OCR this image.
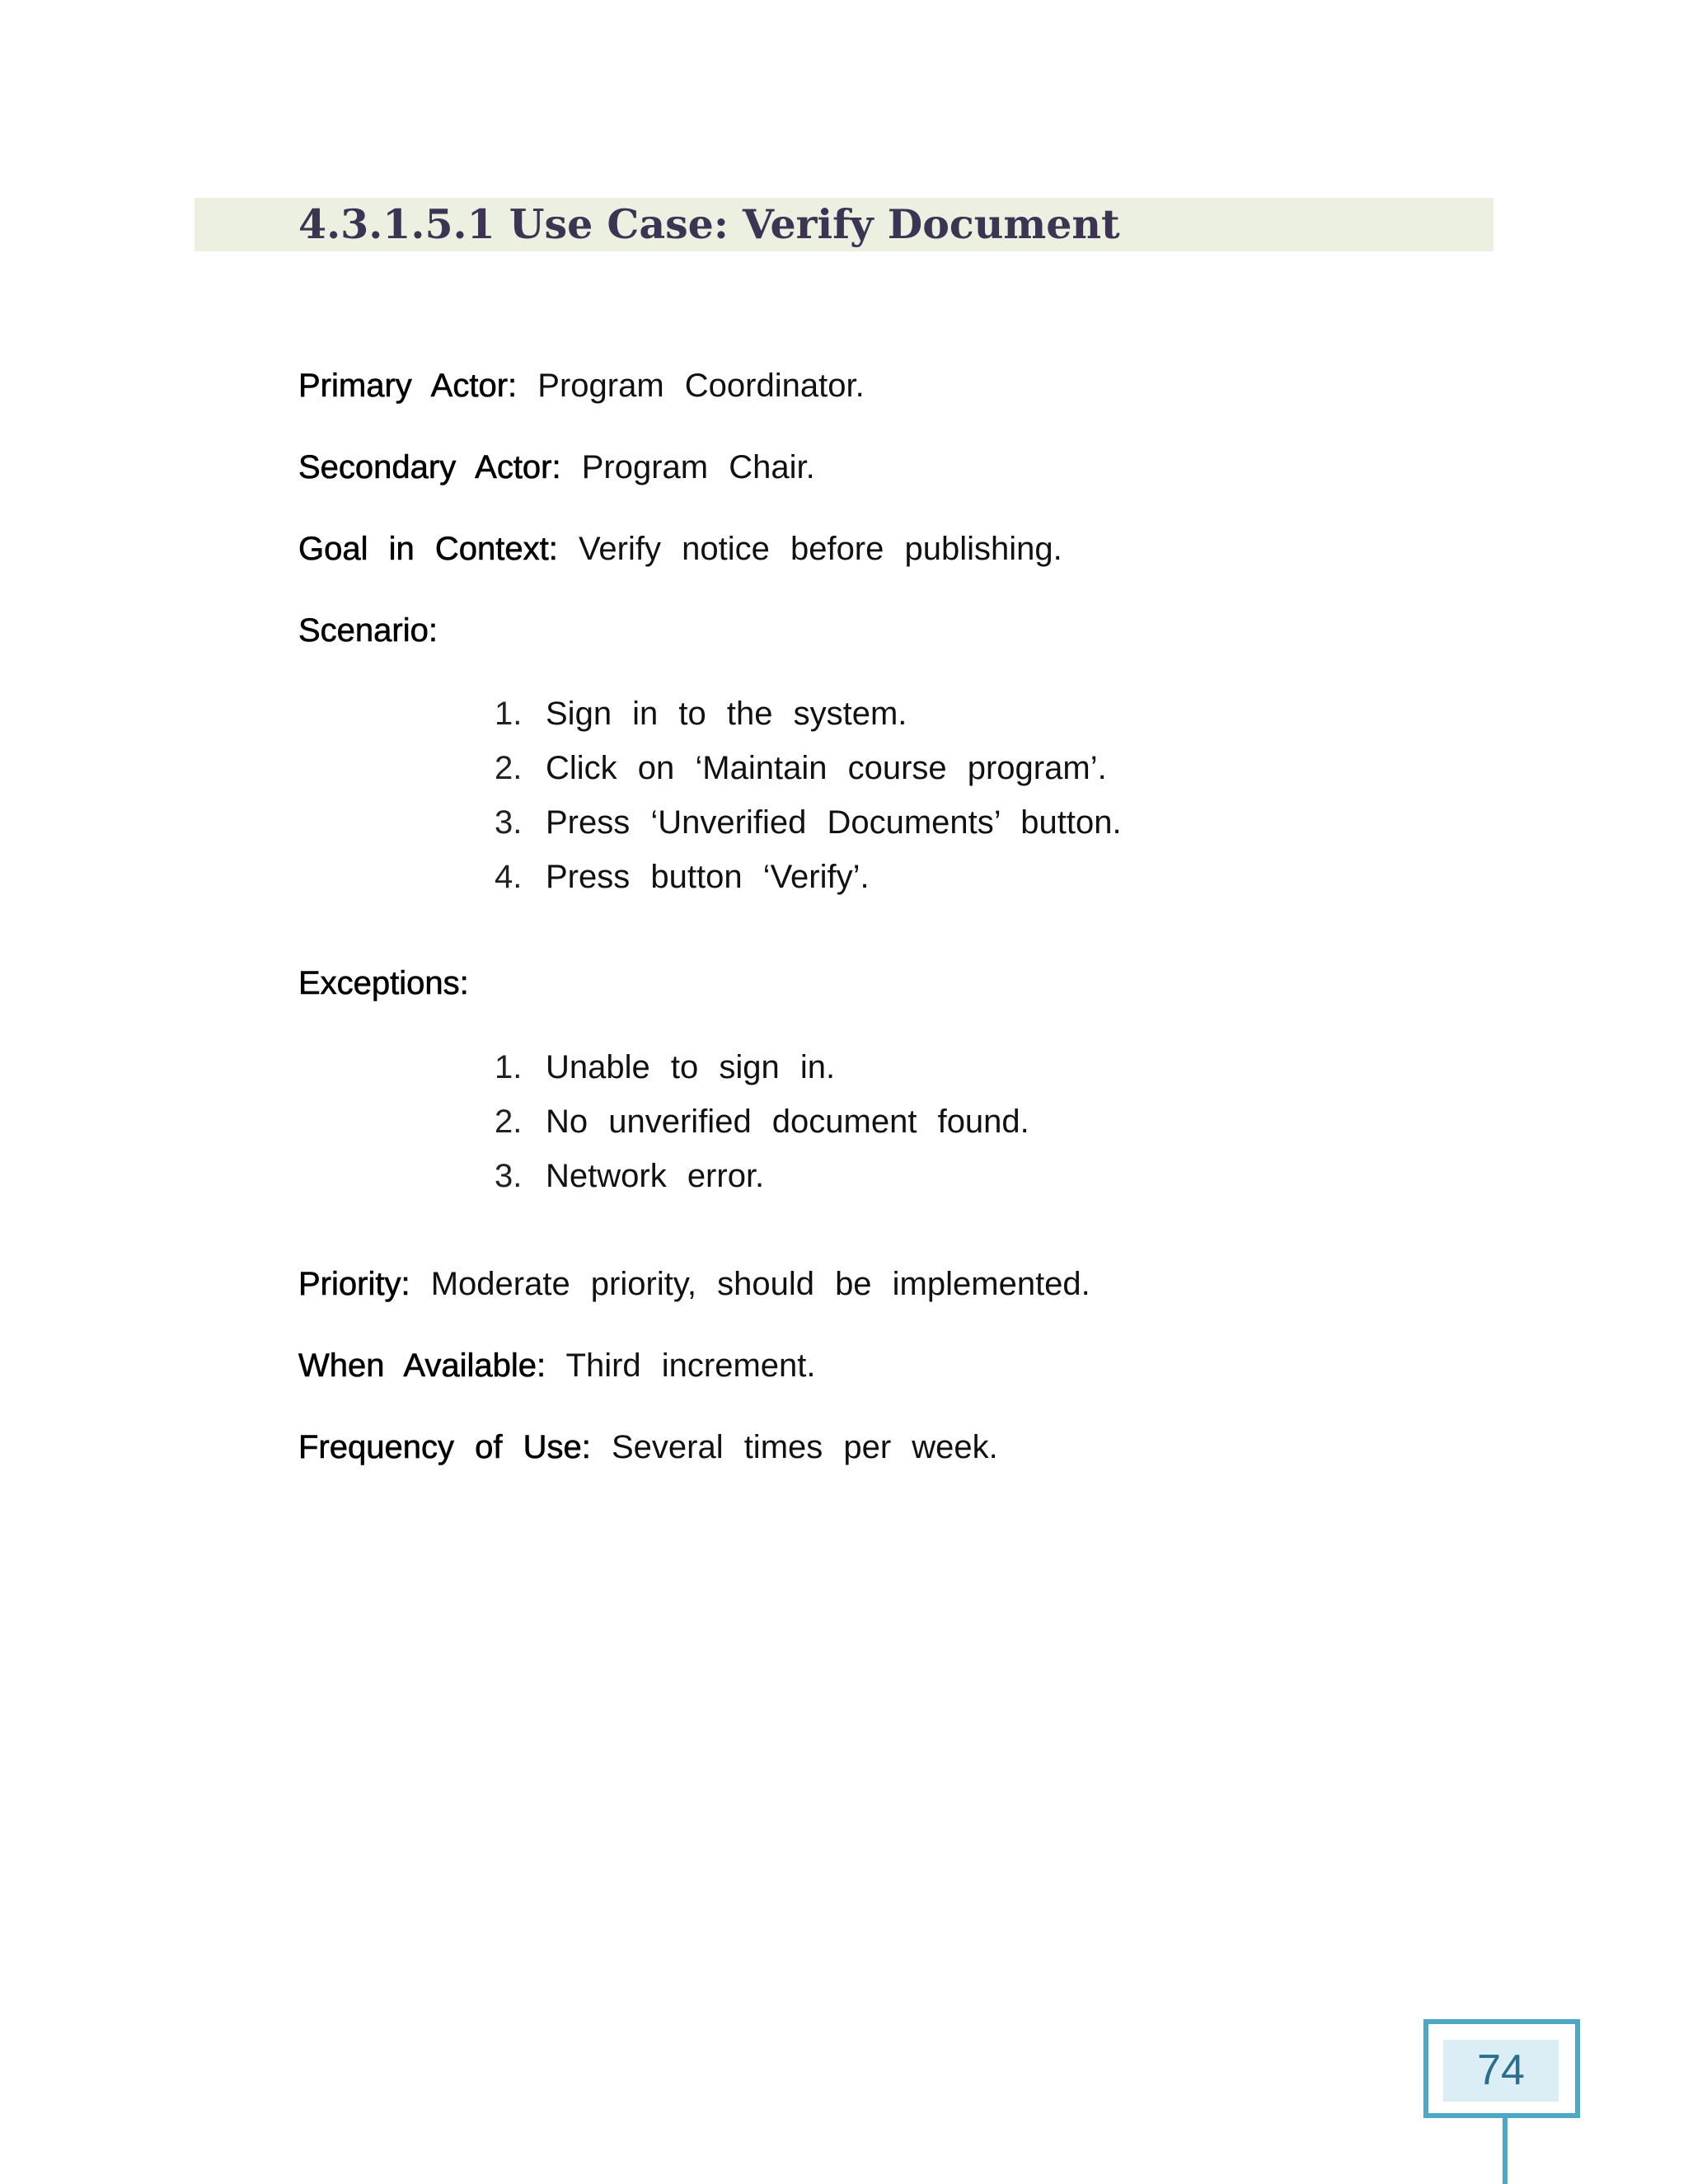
4.3.1.5.1 Use Case: Verify Document
Primary Actor: Program Coordinator.
Secondary Actor: Program Chair.
Goal in Context: Verify notice before publishing.
Scenario:
1. Sign in to the system.
2. Click on ‘Maintain course program’.
3. Press ‘Unverified Documents’ button.
4. Press button ‘Verify’.
Exceptions:
1. Unable to sign in.
2. No unverified document found.
3. Network error.
Priority: Moderate priority, should be implemented.
When Available: Third increment.
Frequency of Use: Several times per week.
74
